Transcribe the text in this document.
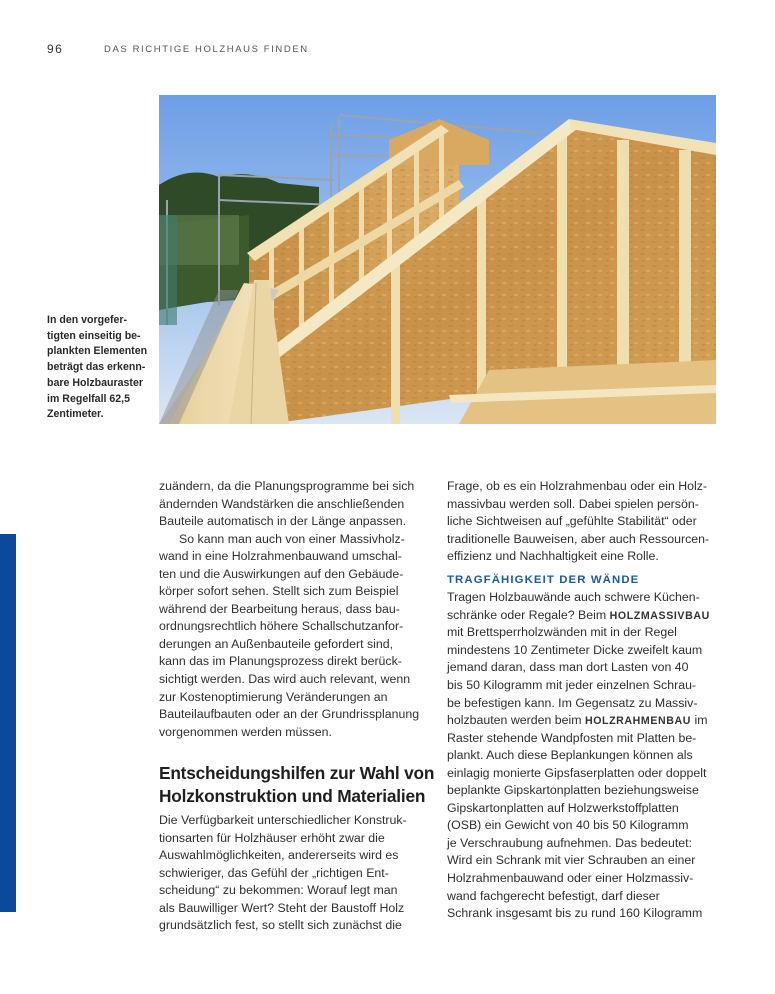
96	DAS RICHTIGE HOLZHAUS FINDEN
In den vorgefer-
tigten einseitig be-
plankten Elementen
beträgt das erkenn-
bare Holzbauraster
im Regelfall 62,5
Zentimeter.
zuändern, da die Planungsprogramme bei sich
ändernden Wandstärken die anschließenden
Bauteile automatisch in der Länge anpassen.
So kann man auch von einer Massivholz-
wand in eine Holzrahmenbauwand umschal-
ten und die Auswirkungen auf den Gebäude-
körper sofort sehen. Stellt sich zum Beispiel
während der Bearbeitung heraus, dass bau-
ordnungsrechtlich höhere Schallschutzanfor-
derungen an Außenbauteile gefordert sind,
kann das im Planungsprozess direkt berück-
sichtigt werden. Das wird auch relevant, wenn
zur Kostenoptimierung Veränderungen an
Bauteilaufbauten oder an der Grundrissplanung
vorgenommen werden müssen.
Entscheidungshilfen zur Wahl von
Holzkonstruktion und Materialien
Die Verfügbarkeit unterschiedlicher Konstruk-
tionsarten für Holzhäuser erhöht zwar die
Auswahlmöglichkeiten, andererseits wird es
schwieriger, das Gefühl der „richtigen Ent-
scheidung“ zu bekommen: Worauf legt man
als Bauwilliger Wert? Steht der Baustoff Holz
grundsätzlich fest, so stellt sich zunächst die
Frage, ob es ein Holzrahmenbau oder ein Holz-
massivbau werden soll. Dabei spielen persön-
liche Sichtweisen auf „gefühlte Stabilität“ oder
traditionelle Bauweisen, aber auch Ressourcen-
effizienz und Nachhaltigkeit eine Rolle.
TRAGFÄHIGKEIT DER WÄNDE
Tragen Holzbauwände auch schwere Küchen-
schränke oder Regale? Beim HOLZMASSIVBAU
mit Brettsperrholzwänden mit in der Regel
mindestens 10 Zentimeter Dicke zweifelt kaum
jemand daran, dass man dort Lasten von 40
bis 50 Kilogramm mit jeder einzelnen Schrau-
be befestigen kann. Im Gegensatz zu Massiv-
holzbauten werden beim HOLZRAHMENBAU im
Raster stehende Wandpfosten mit Platten be-
plankt. Auch diese Beplankungen können als
einlagig monierte Gipsfaserplatten oder doppelt
beplankte Gipskartonplatten beziehungsweise
Gipskartonplatten auf Holzwerkstoffplatten
(OSB) ein Gewicht von 40 bis 50 Kilogramm
je Verschraubung aufnehmen. Das bedeutet:
Wird ein Schrank mit vier Schrauben an einer
Holzrahmenbauwand oder einer Holzmassiv-
wand fachgerecht befestigt, darf dieser
Schrank insgesamt bis zu rund 160 Kilogramm
